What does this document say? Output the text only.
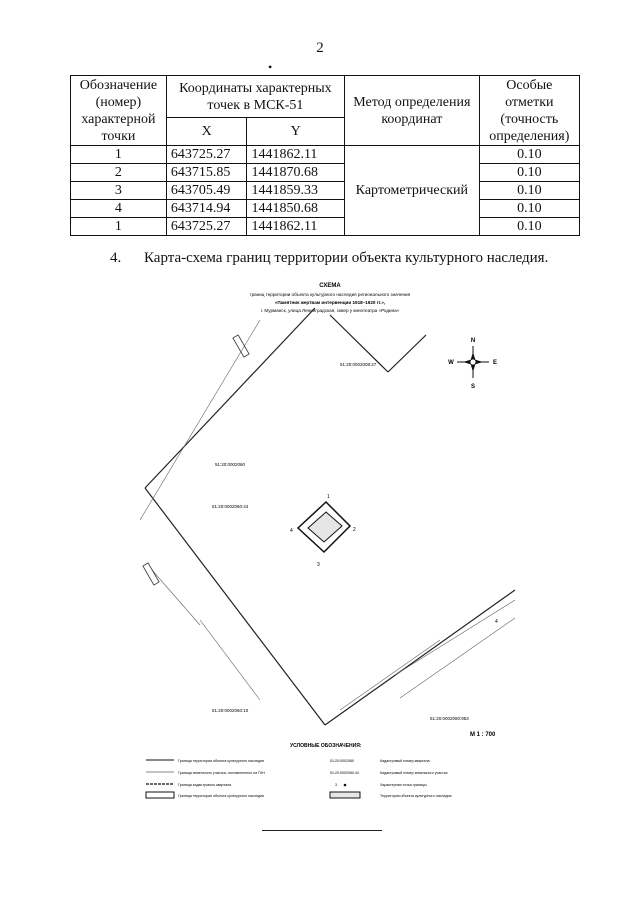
2
•
Обозначение (номер) характерной точки	Координаты характерных точек в МСК-51		Метод определения координат	Особые отметки (точность определения)
	X	Y		
1	643725.27	1441862.11	Картометрический	0.10
2	643715.85	1441870.68		0.10
3	643705.49	1441859.33		0.10
4	643714.94	1441850.68		0.10
1	643725.27	1441862.11		0.10
4. Карта-схема границ территории объекта культурного наследия.
СХЕМА
границ территории объекта культурного наследия регионального значения
«Памятник жертвам интервенции 1918–1920 гг.»,
г. Мурманск, улица Ленинградская, сквер у кинотеатра «Родина»
N
S
W	E
1
2
3
4
4
51:20:0002008:27
51:20:0002060
51:20:0002060:44
51:20:0002060:10
51:20:0002060:953
М 1 : 700
УСЛОВНЫЕ ОБОЗНАЧЕНИЯ:
Граница территории объекта культурного наследия
Граница земельного участка, поставленного на ГКН
Граница кадастрового квартала
Граница территории объекта культурного наследия
51:20:0002060	Кадастровый номер квартала
51:20:0002060:44	Кадастровый номер земельного участка
3	Характерная точка границы
Территория объекта культурного наследия
